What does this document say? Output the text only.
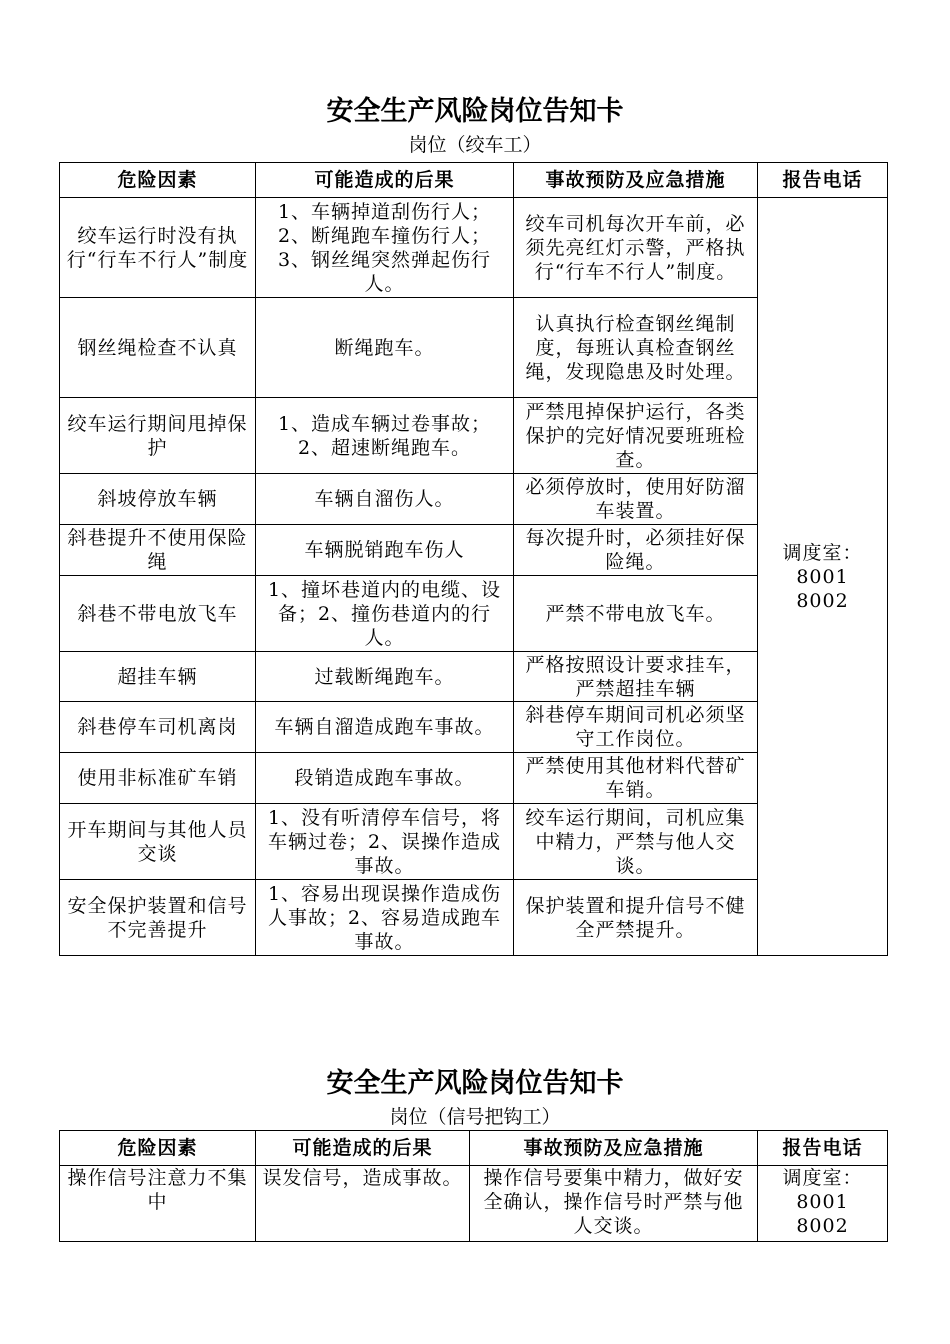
安全生产风险岗位告知卡

岗位（绞车工）

危险因素	可能造成的后果	事故预防及应急措施	报告电话
绞车运行时没有执行“行车不行人”制度	1、车辆掉道刮伤行人；2、断绳跑车撞伤行人；3、钢丝绳突然弹起伤行人。	绞车司机每次开车前，必须先亮红灯示警，严格执行“行车不行人”制度。	调度室：
8001
8002
钢丝绳检查不认真	断绳跑车。	认真执行检查钢丝绳制度，每班认真检查钢丝绳，发现隐患及时处理。	
绞车运行期间甩掉保护	1、造成车辆过卷事故；2、超速断绳跑车。	严禁甩掉保护运行，各类保护的完好情况要班班检查。	
斜坡停放车辆	车辆自溜伤人。	必须停放时，使用好防溜车装置。	
斜巷提升不使用保险绳	车辆脱销跑车伤人	每次提升时，必须挂好保险绳。	
斜巷不带电放飞车	1、撞坏巷道内的电缆、设备；2、撞伤巷道内的行人。	严禁不带电放飞车。	
超挂车辆	过载断绳跑车。	严格按照设计要求挂车，严禁超挂车辆	
斜巷停车司机离岗	车辆自溜造成跑车事故。	斜巷停车期间司机必须坚守工作岗位。	
使用非标准矿车销	段销造成跑车事故。	严禁使用其他材料代替矿车销。	
开车期间与其他人员交谈	1、没有听清停车信号，将车辆过卷；2、误操作造成事故。	绞车运行期间，司机应集中精力，严禁与他人交谈。	
安全保护装置和信号不完善提升	1、容易出现误操作造成伤人事故；2、容易造成跑车事故。	保护装置和提升信号不健全严禁提升。	
安全生产风险岗位告知卡

岗位（信号把钩工）

危险因素	可能造成的后果	事故预防及应急措施	报告电话
操作信号注意力不集中	误发信号，造成事故。	操作信号要集中精力，做好安全确认，操作信号时严禁与他人交谈。	调度室：
8001
8002
